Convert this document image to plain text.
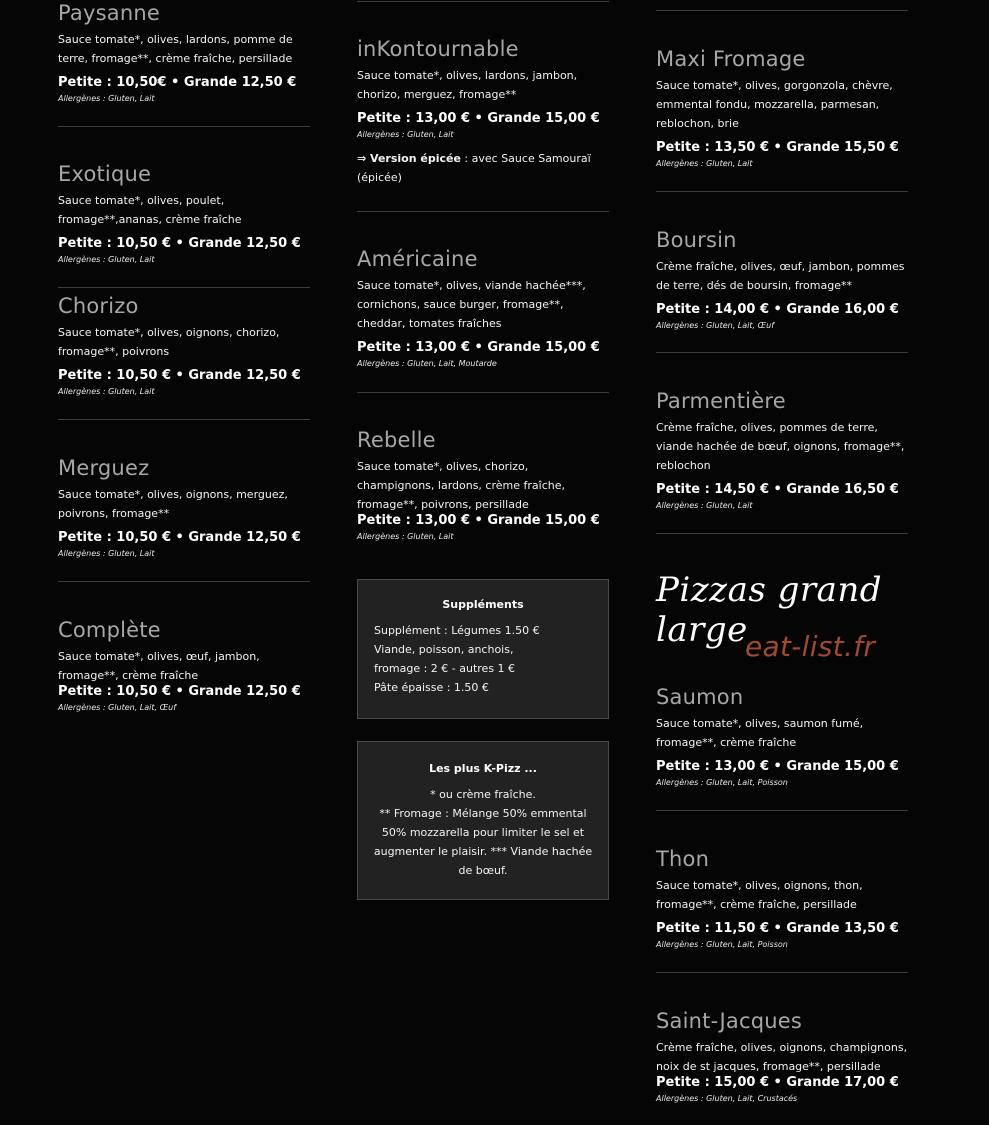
Paysanne

Sauce tomate*, olives, lardons, pomme de terre, fromage**, crème fraîche, persillade

Petite : 10,50€ • Grande 12,50 €

Allergènes : Gluten, Lait

Exotique

Sauce tomate*, olives, poulet, fromage**,ananas, crème fraîche

Petite : 10,50 € • Grande 12,50 €

Allergènes : Gluten, Lait

Chorizo

Sauce tomate*, olives, oignons, chorizo, fromage**, poivrons

Petite : 10,50 € • Grande 12,50 €

Allergènes : Gluten, Lait

Merguez

Sauce tomate*, olives, oignons, merguez, poivrons, fromage**

Petite : 10,50 € • Grande 12,50 €

Allergènes : Gluten, Lait

Complète

Sauce tomate*, olives, œuf, jambon, fromage**, crème fraîche

Petite : 10,50 € • Grande 12,50 €

Allergènes : Gluten, Lait, Œuf

inKontournable

Sauce tomate*, olives, lardons, jambon, chorizo, merguez, fromage**

Petite : 13,00 € • Grande 15,00 €

Allergènes : Gluten, Lait

⇒ Version épicée : avec Sauce Samouraï (épicée)

Américaine

Sauce tomate*, olives, viande hachée***, cornichons, sauce burger, fromage**, cheddar, tomates fraîches

Petite : 13,00 € • Grande 15,00 €

Allergènes : Gluten, Lait, Moutarde

Rebelle

Sauce tomate*, olives, chorizo, champignons, lardons, crème fraîche, fromage**, poivrons, persillade

Petite : 13,00 € • Grande 15,00 €

Allergènes : Gluten, Lait

Suppléments

Supplément : Légumes 1.50 €

Viande, poisson, anchois,

fromage : 2 € - autres 1 €

Pâte épaisse : 1.50 €

Les plus K-Pizz ...

* ou crème fraîche.

** Fromage : Mélange 50% emmental

50% mozzarella pour limiter le sel et

augmenter le plaisir. *** Viande hachée

de bœuf.

Maxi Fromage

Sauce tomate*, olives, gorgonzola, chèvre, emmental fondu, mozzarella, parmesan, reblochon, brie

Petite : 13,50 € • Grande 15,50 €

Allergènes : Gluten, Lait

Boursin

Crème fraîche, olives, œuf, jambon, pommes de terre, dés de boursin, fromage**

Petite : 14,00 € • Grande 16,00 €

Allergènes : Gluten, Lait, Œuf

Parmentière

Crème fraîche, olives, pommes de terre, viande hachée de bœuf, oignons, fromage**, reblochon

Petite : 14,50 € • Grande 16,50 €

Allergènes : Gluten, Lait

Pizzas grand large
eat-list.fr
Saumon

Sauce tomate*, olives, saumon fumé, fromage**, crème fraîche

Petite : 13,00 € • Grande 15,00 €

Allergènes : Gluten, Lait, Poisson

Thon

Sauce tomate*, olives, oignons, thon, fromage**, crème fraîche, persillade

Petite : 11,50 € • Grande 13,50 €

Allergènes : Gluten, Lait, Poisson

Saint-Jacques

Crème fraîche, olives, oignons, champignons, noix de st jacques, fromage**, persillade

Petite : 15,00 € • Grande 17,00 €

Allergènes : Gluten, Lait, Crustacés
